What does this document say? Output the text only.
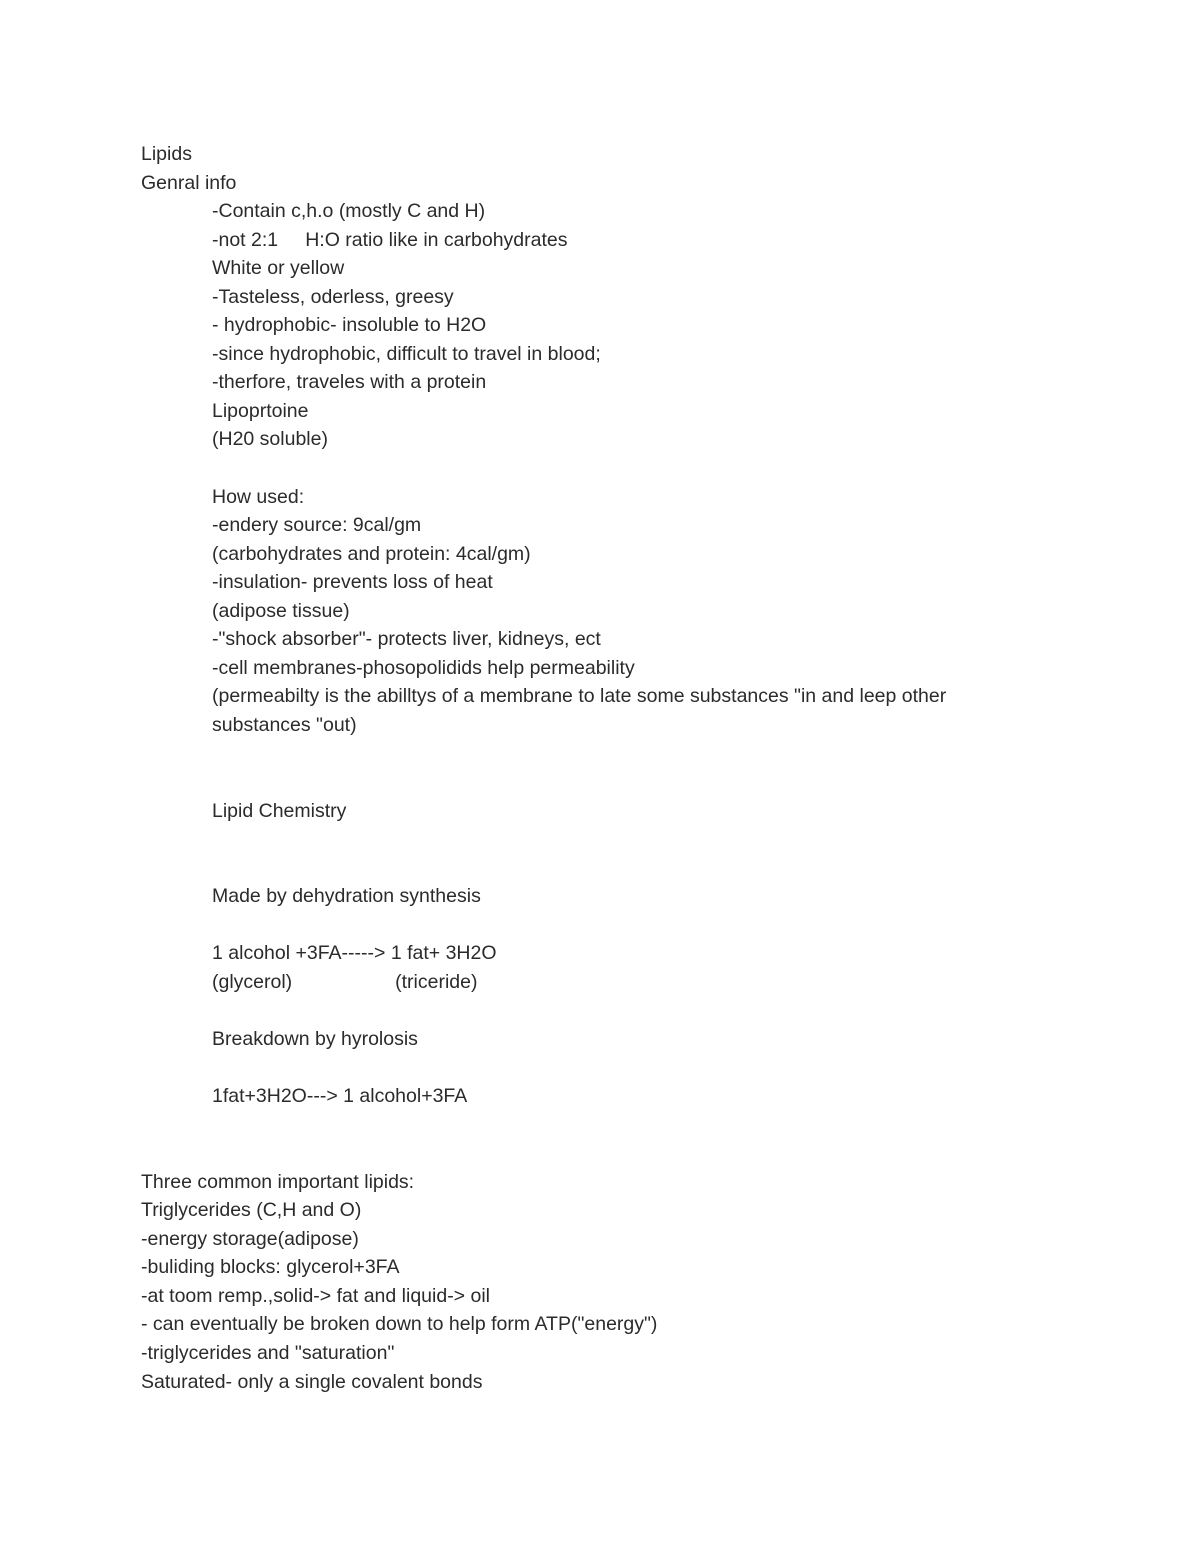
Lipids
Genral info
-Contain c,h.o (mostly C and H)
-not 2:1     H:O ratio like in carbohydrates
White or yellow
-Tasteless, oderless, greesy
- hydrophobic- insoluble to H2O
-since hydrophobic, difficult to travel in blood;
-therfore, traveles with a protein
Lipoprtoine
(H20 soluble)
How used:
-endery source: 9cal/gm
(carbohydrates and protein: 4cal/gm)
-insulation- prevents loss of heat
(adipose tissue)
-"shock absorber"- protects liver, kidneys, ect
-cell membranes-phosopolidids help permeability
(permeabilty is the abilltys of a membrane to late some substances "in and leep other substances "out)
Lipid Chemistry
Made by dehydration synthesis
1 alcohol +3FA-----> 1 fat+ 3H2O
(glycerol)                   (triceride)
Breakdown by hyrolosis
1fat+3H2O---> 1 alcohol+3FA
Three common important lipids:
Triglycerides (C,H and O)
-energy storage(adipose)
-buliding blocks: glycerol+3FA
-at toom remp.,solid-> fat and liquid-> oil
- can eventually be broken down to help form ATP("energy")
-triglycerides and "saturation"
Saturated- only a single covalent bonds
